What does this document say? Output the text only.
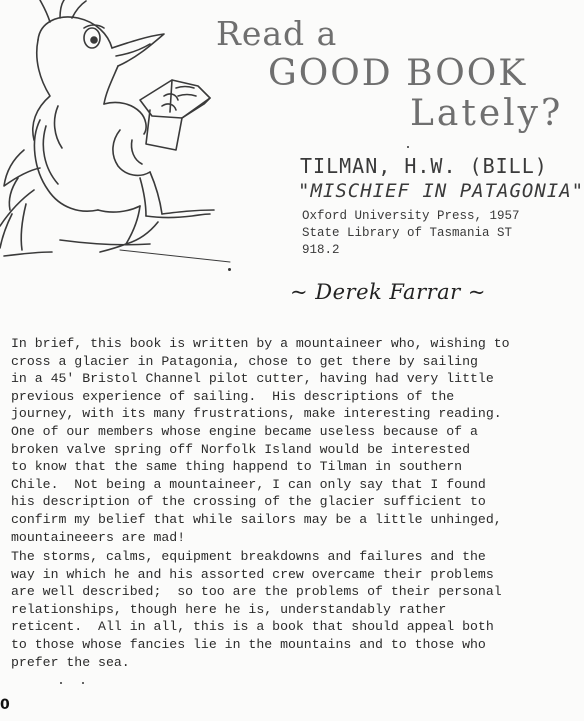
Read a
GOOD BOOK
Lately?
TILMAN, H.W. (BILL)
"MISCHIEF IN PATAGONIA"
Oxford University Press, 1957
State Library of Tasmania ST
918.2
~ Derek Farrar ~

In brief, this book is written by a mountaineer who, wishing to
cross a glacier in Patagonia, chose to get there by sailing
in a 45' Bristol Channel pilot cutter, having had very little
previous experience of sailing.  His descriptions of the
journey, with its many frustrations, make interesting reading.
One of our members whose engine became useless because of a
broken valve spring off Norfolk Island would be interested
to know that the same thing happend to Tilman in southern
Chile.  Not being a mountaineer, I can only say that I found
his description of the crossing of the glacier sufficient to
confirm my belief that while sailors may be a little unhinged,
mountaineeers are mad!

The storms, calms, equipment breakdowns and failures and the
way in which he and his assorted crew overcame their problems
are well described;  so too are the problems of their personal
relationships, though here he is, understandably rather
reticent.  All in all, this is a book that should appeal both
to those whose fancies lie in the mountains and to those who
prefer the sea.

0
